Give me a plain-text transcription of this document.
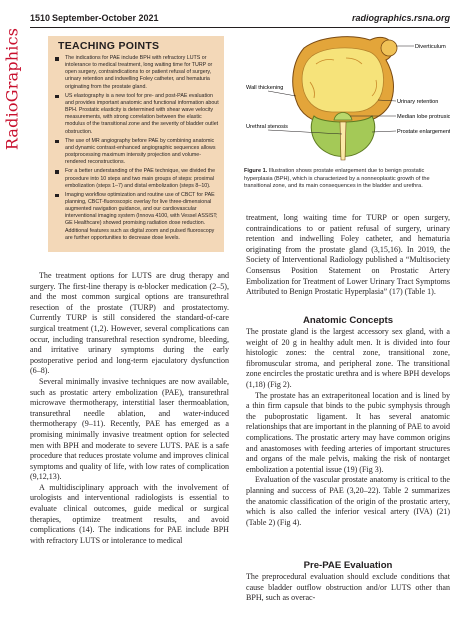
1510 September-October 2021	radiographics.rsna.org
RadioGraphics	TEACHING POINTS
The indications for PAE include BPH with refractory LUTS or intolerance to medical treatment, long waiting time for TURP or open surgery, contraindications to or patient refusal of surgery, urinary retention and indwelling Foley catheter, and hematuria originating from the prostate gland.
US elastography is a new tool for pre- and post-PAE evaluation and provides important anatomic and functional information about BPH. Prostatic elasticity is determined with shear wave velocity measurements, with strong correlation between the elastic modulus of the transitional zone and the severity of bladder outlet obstruction.
The use of MR angiography before PAE by combining anatomic and dynamic contrast-enhanced angiographic sequences allows postprocessing maximum intensity projection and volume-rendered reconstructions.
For a better understanding of the PAE technique, we divided the procedure into 10 steps and two main groups of steps: proximal embolization (steps 1–7) and distal embolization (steps 8–10).
Imaging workflow optimization and routine use of CBCT for PAE planning, CBCT-fluoroscopic overlay for live three-dimensional augmented navigation guidance, and our cardiovascular interventional imaging system (Innova 4100, with Vessel ASSIST; GE Healthcare) showed promising radiation dose reduction. Additional features such as digital zoom and pulsed fluoroscopy are further opportunities to decrease dose levels.
Diverticulum
Wall thickening
Urinary retention
Median lobe protrusion
Urethral stenosis
Prostate enlargement
Figure 1. Illustration shows prostate enlargement due to benign prostatic hyperplasia (BPH), which is characterized by a nonneoplastic growth of the transitional zone, and its main consequences in the bladder and urethra.

The treatment options for LUTS are drug therapy and surgery. The first-line therapy is α-blocker medication (2–5), and the most common surgical options are transurethral resection of the prostate (TURP) and prostatectomy. Currently TURP is still considered the standard-of-care surgical treatment (1,2). However, several complications can occur, including transurethral resection syndrome, bleeding, and irritative urinary symptoms during the early postoperative period and long-term ejaculatory dysfunction (6–8).

Several minimally invasive techniques are now available, such as prostatic artery embolization (PAE), transurethral microwave thermotherapy, interstitial laser thermoablation, transurethral needle ablation, and water-induced thermotherapy (9–11). Recently, PAE has emerged as a promising minimally invasive treatment option for selected men with BPH and moderate to severe LUTS. PAE is a safe procedure that reduces prostate volume and improves clinical symptoms and quality of life, with low rates of complication (9,12,13).

A multidisciplinary approach with the involvement of urologists and interventional radiologists is essential to evaluate clinical outcomes, guide medical or surgical therapies, optimize treatment results, and avoid complications (14). The indications for PAE include BPH with refractory LUTS or intolerance to medical

treatment, long waiting time for TURP or open surgery, contraindications to or patient refusal of surgery, urinary retention and indwelling Foley catheter, and hematuria originating from the prostate gland (3,15,16). In 2019, the Society of Interventional Radiology published a “Multisociety Consensus Position Statement on Prostatic Artery Embolization for Treatment of Lower Urinary Tract Symptoms Attributed to Benign Prostatic Hyperplasia” (17) (Table 1).

Anatomic Concepts

The prostate gland is the largest accessory sex gland, with a weight of 20 g in healthy adult men. It is divided into four histologic zones: the central zone, transitional zone, fibromuscular stroma, and peripheral zone. The transitional zone encircles the prostatic urethra and is where BPH develops (1,18) (Fig 2).

The prostate has an extraperitoneal location and is lined by a thin firm capsule that binds to the pubic symphysis through the puboprostatic ligament. It has several anatomic relationships that are important in the planning of PAE to avoid complications. The prostatic artery may have common origins and anastomoses with feeding arteries of important structures and organs of the male pelvis, making the risk of nontarget embolization a potential issue (19) (Fig 3).

Evaluation of the vascular prostate anatomy is critical to the planning and success of PAE (3,20–22). Table 2 summarizes the anatomic classification of the origin of the prostatic artery, which is also called the inferior vesical artery (IVA) (21) (Table 2) (Fig 4).

Pre-PAE Evaluation

The preprocedural evaluation should exclude conditions that cause bladder outflow obstruction and/or LUTS other than BPH, such as overac-
